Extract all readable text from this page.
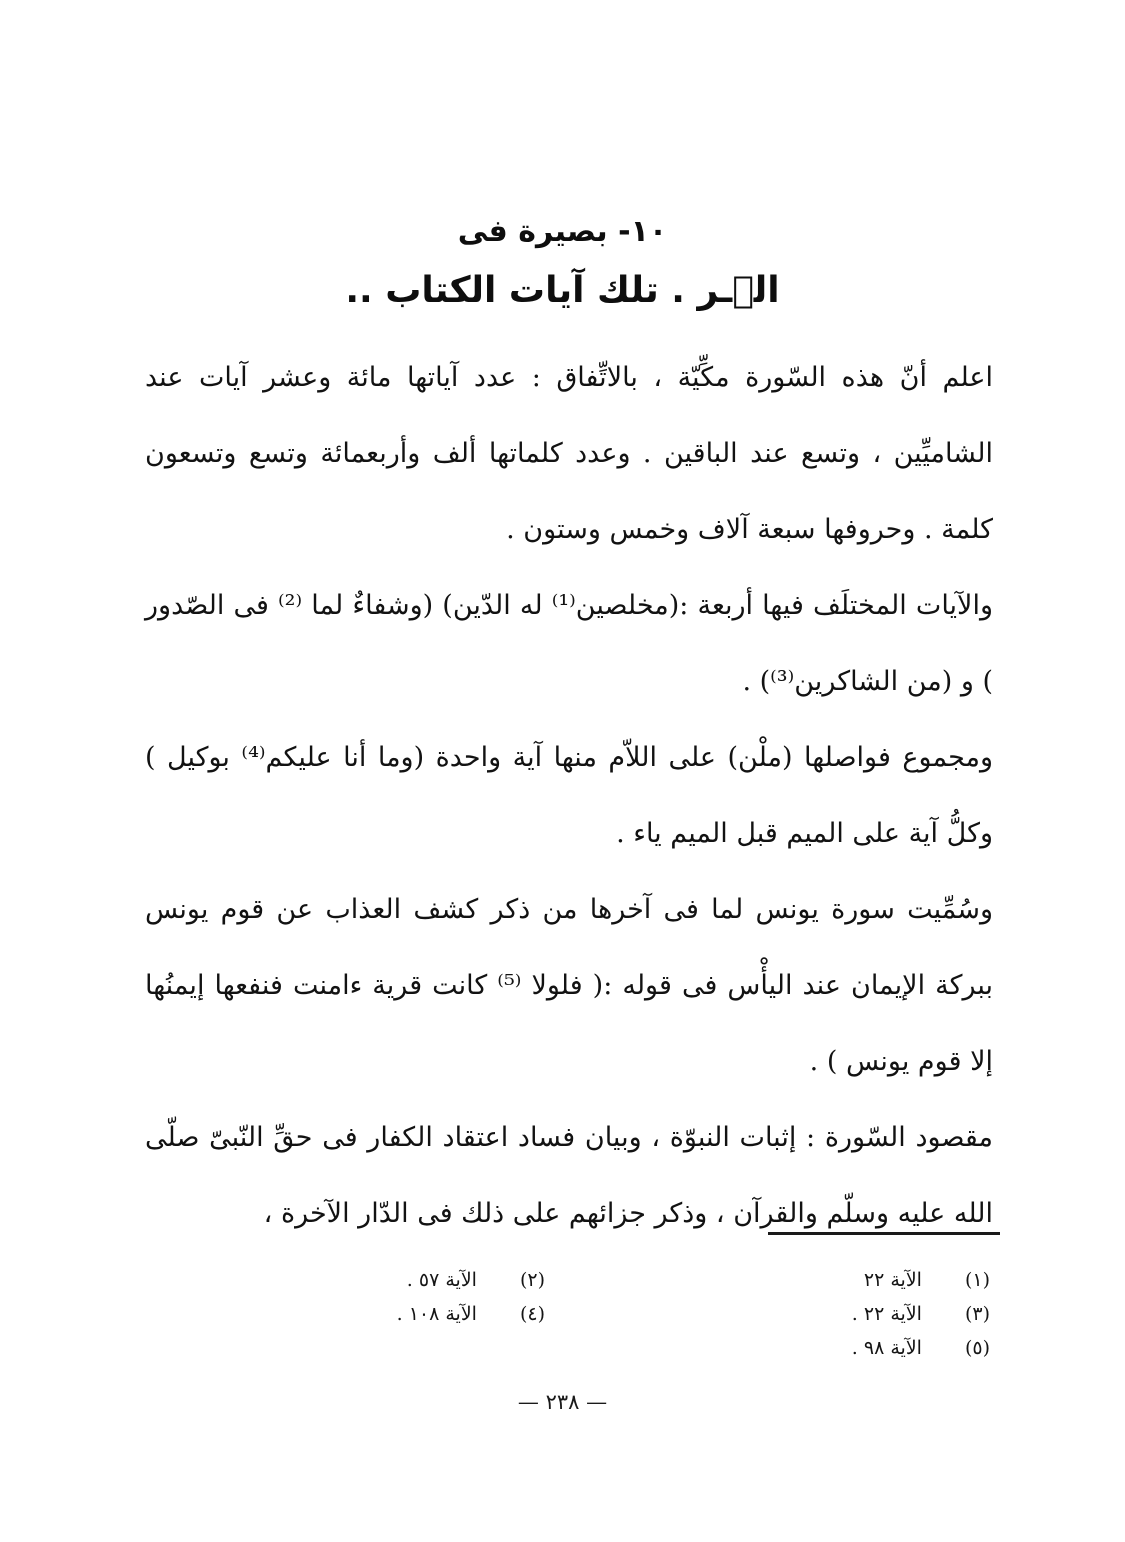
١٠- بصيرة فى
الۤـر . تلك آيات الكتاب ..

اعلم أنّ هذه السّورة مكِّيّة ، بالاتِّفاق : عدد آياتها مائة وعشر آيات عند الشاميِّين ، وتسع عند الباقين . وعدد كلماتها ألف وأربعمائة وتسع وتسعون كلمة . وحروفها سبعة آلاف وخمس وستون .

والآيات المختلَف فيها أربعة :(مخلصين⁽¹⁾ له الدّين) (وشفاءٌ لما ⁽²⁾ فى الصّدور ) و (من الشاكرين⁽³⁾) .

ومجموع فواصلها (ملْن) على اللاّم منها آية واحدة (وما أنا عليكم⁽⁴⁾ بوكيل ) وكلُّ آية على الميم قبل الميم ياء .

وسُمِّيت سورة يونس لما فى آخرها من ذكر كشف العذاب عن قوم يونس ببركة الإيمان عند اليأْس فى قوله :( فلولا ⁽⁵⁾ كانت قرية ءامنت فنفعها إيمنُها إلا قوم يونس ) .

مقصود السّورة : إثبات النبوّة ، وبيان فساد اعتقاد الكفار فى حقِّ النّبىّ صلّى الله عليه وسلّم والقرآن ، وذكر جزائهم على ذلك فى الدّار الآخرة ،

(١) الآية ٢٢
(٢) الآية ٥٧ .
(٣) الآية ٢٢ .
(٤) الآية ١٠٨ .
(٥) الآية ٩٨ .
— ٢٣٨ —
